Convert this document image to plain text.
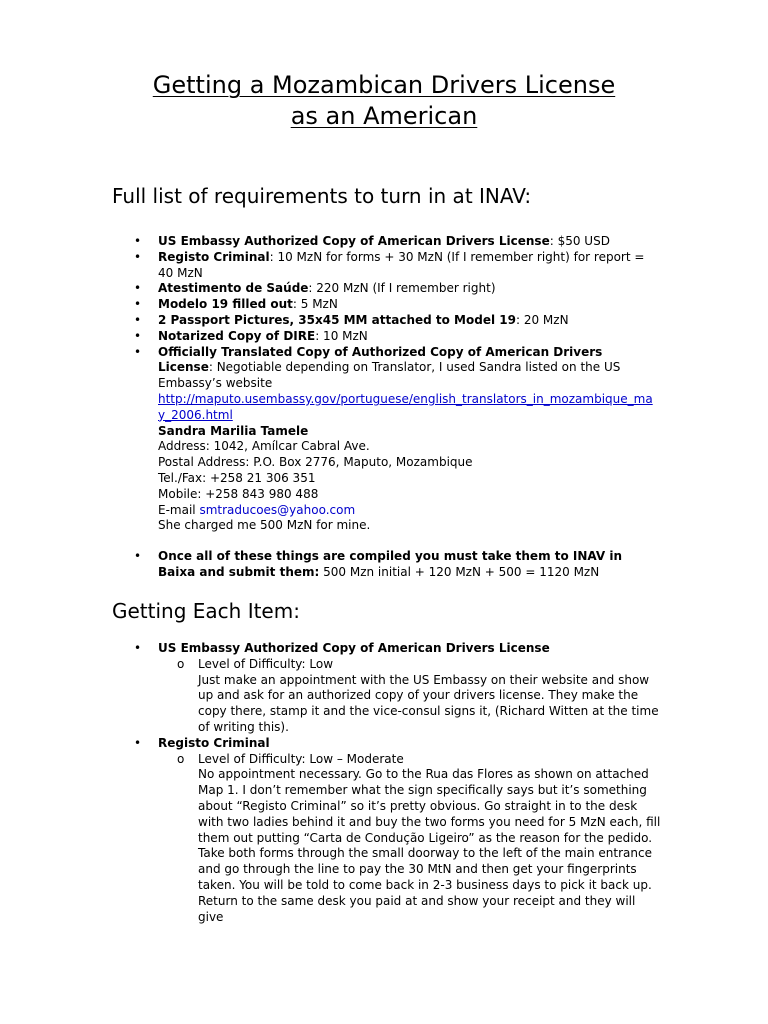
Getting a Mozambican Drivers License
as an American
Full list of requirements to turn in at INAV:
• US Embassy Authorized Copy of American Drivers License: $50 USD
• Registo Criminal: 10 MzN for forms + 30 MzN (If I remember right) for report = 40 MzN
• Atestimento de Saúde: 220 MzN (If I remember right)
• Modelo 19 filled out: 5 MzN
• 2 Passport Pictures, 35x45 MM attached to Model 19: 20 MzN
• Notarized Copy of DIRE: 10 MzN
• Officially Translated Copy of Authorized Copy of American Drivers License: Negotiable depending on Translator, I used Sandra listed on the US Embassy’s website
http://maputo.usembassy.gov/portuguese/english_translators_in_mozambique_may_2006.html
Sandra Marilia Tamele
Address: 1042, Amílcar Cabral Ave.
Postal Address: P.O. Box 2776, Maputo, Mozambique
Tel./Fax: +258 21 306 351
Mobile: +258 843 980 488
E-mail smtraducoes@yahoo.com
She charged me 500 MzN for mine.
• Once all of these things are compiled you must take them to INAV in Baixa and submit them: 500 Mzn initial + 120 MzN + 500 = 1120 MzN
Getting Each Item:
• US Embassy Authorized Copy of American Drivers License
o Level of Difficulty: Low
Just make an appointment with the US Embassy on their website and show up and ask for an authorized copy of your drivers license. They make the copy there, stamp it and the vice-consul signs it, (Richard Witten at the time of writing this).
• Registo Criminal
o Level of Difficulty: Low – Moderate
No appointment necessary. Go to the Rua das Flores as shown on attached Map 1. I don’t remember what the sign specifically says but it’s something about “Registo Criminal” so it’s pretty obvious. Go straight in to the desk with two ladies behind it and buy the two forms you need for 5 MzN each, fill them out putting “Carta de Condução Ligeiro” as the reason for the pedido. Take both forms through the small doorway to the left of the main entrance and go through the line to pay the 30 MtN and then get your fingerprints taken. You will be told to come back in 2-3 business days to pick it back up. Return to the same desk you paid at and show your receipt and they will give
